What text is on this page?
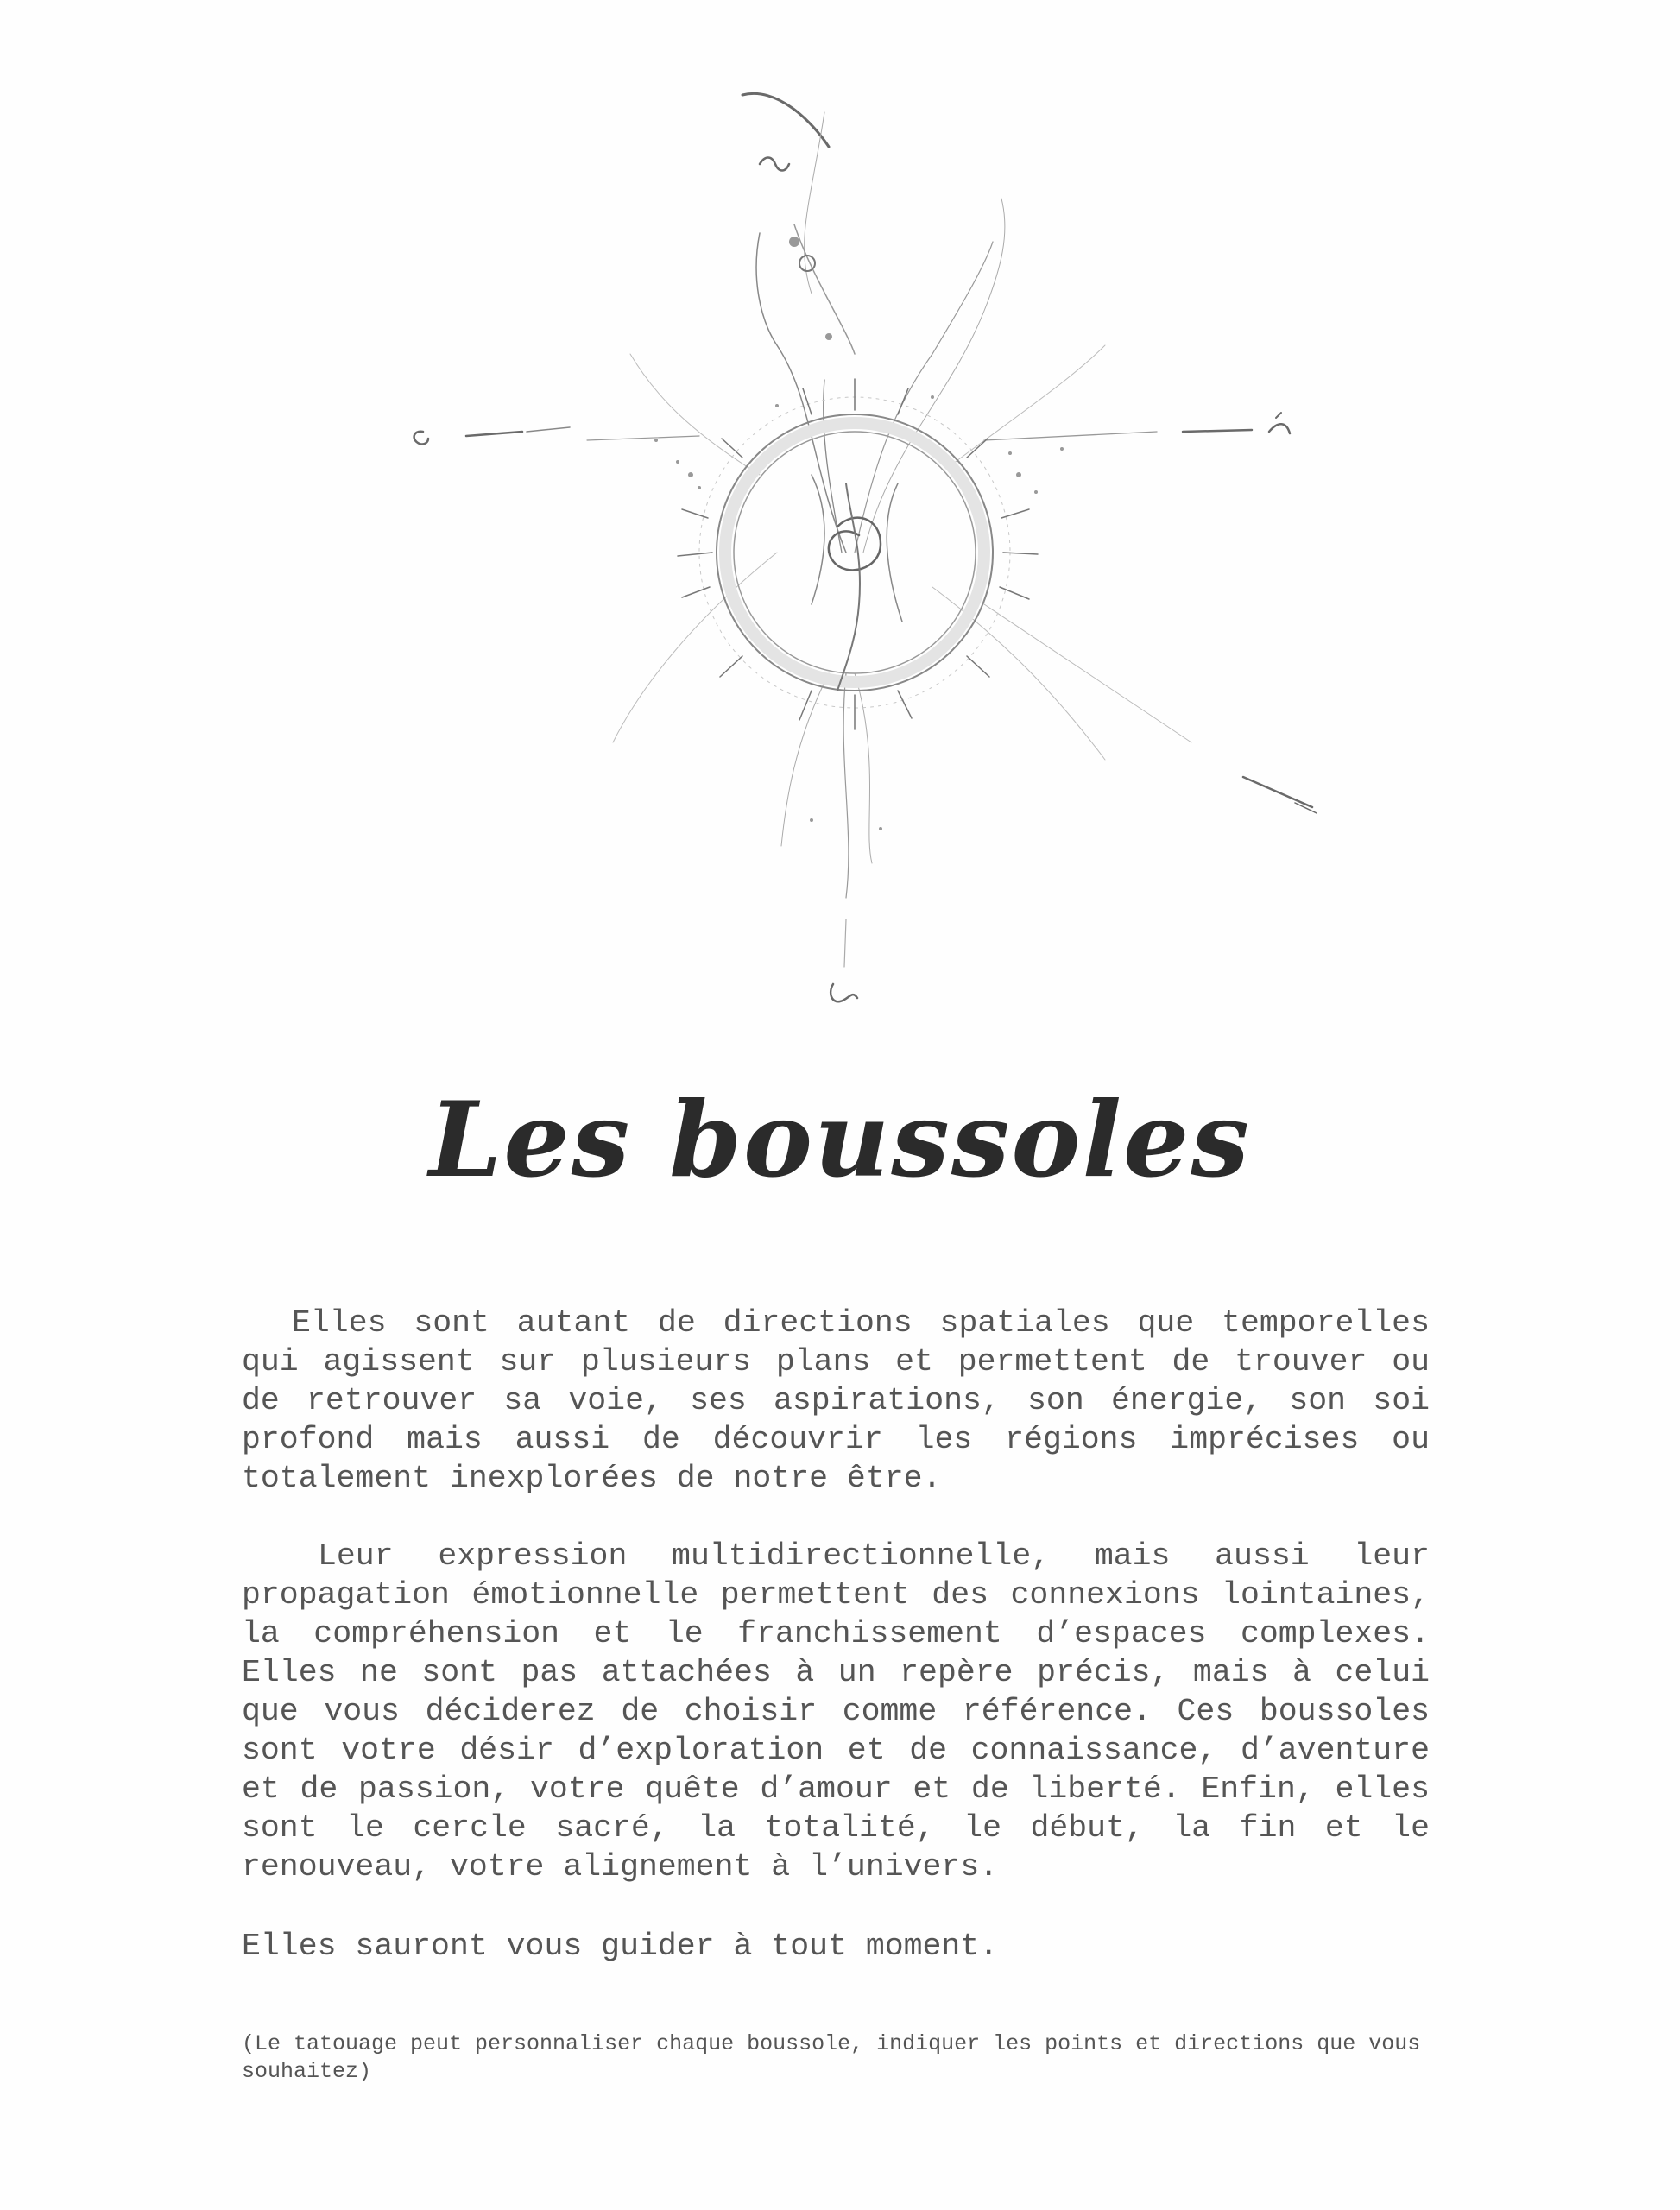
Les boussoles

Elles sont autant de directions spatiales que temporelles qui agissent sur plusieurs plans et permettent de trouver ou de retrouver sa voie, ses aspirations, son énergie, son soi profond mais aussi de découvrir les régions imprécises ou totalement inexplorées de notre être.

Leur expression multidirectionnelle, mais aussi leur propagation émotionnelle permettent des connexions lointaines, la compréhension et le franchissement d’espaces complexes. Elles ne sont pas attachées à un repère précis, mais à celui que vous déciderez de choisir comme référence. Ces boussoles sont votre désir d’exploration et de connaissance, d’aventure et de passion, votre quête d’amour et de liberté. Enfin, elles sont le cercle sacré, la totalité, le début, la fin et le renouveau, votre alignement à l’univers.

Elles sauront vous guider à tout moment.

(Le tatouage peut personnaliser chaque boussole, indiquer les points et directions que vous souhaitez)
